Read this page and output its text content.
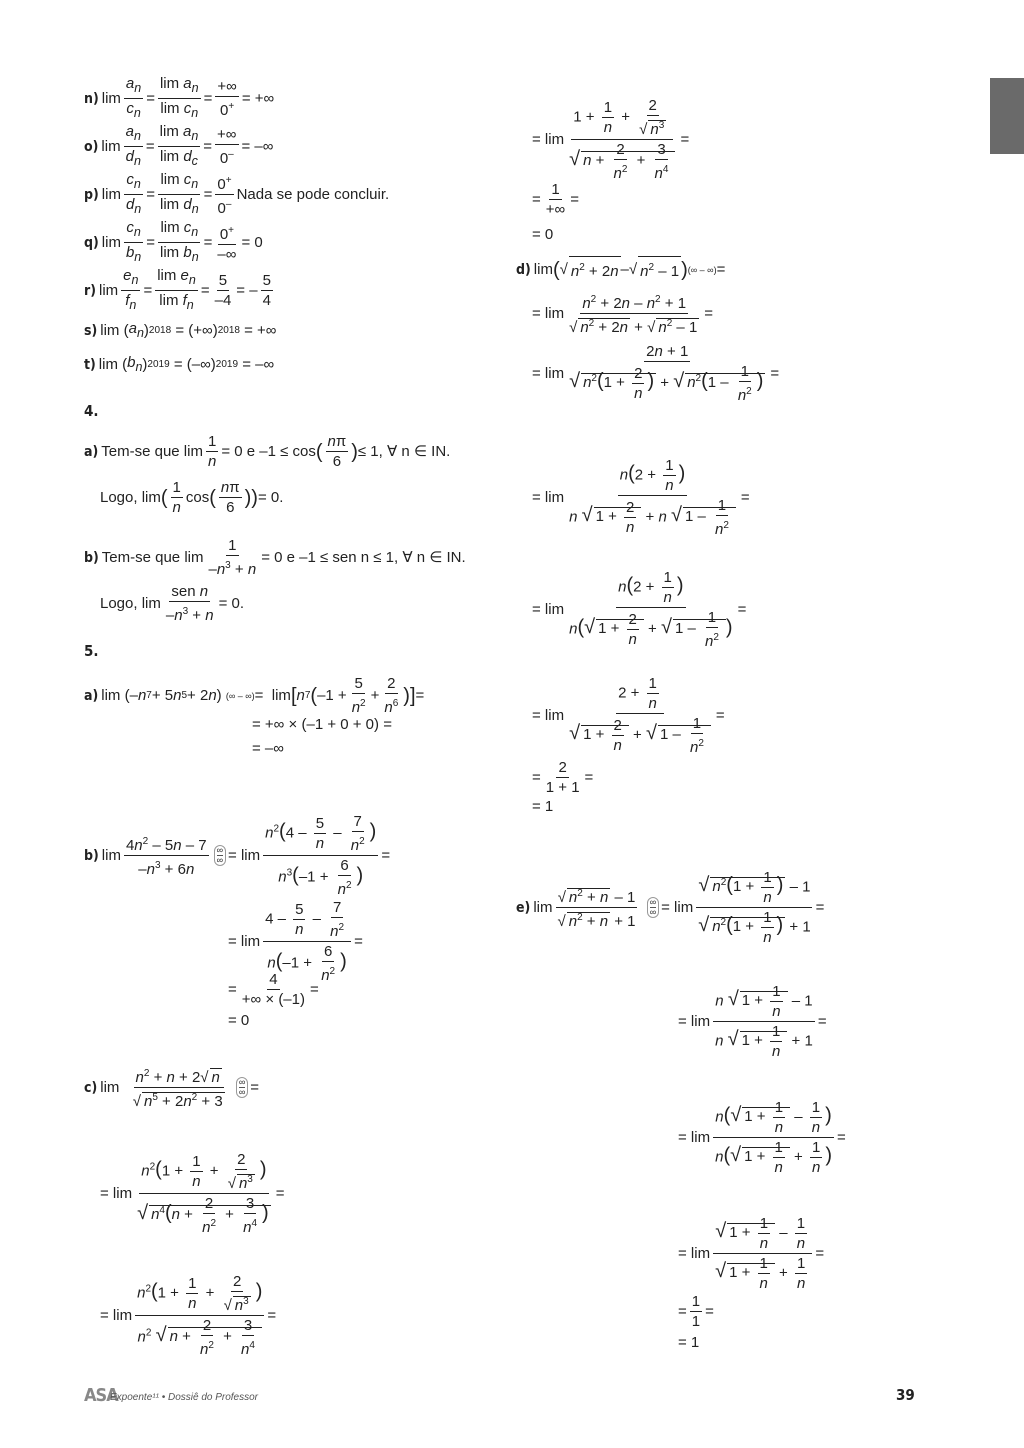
n) $\lim \frac{a_n}{c_n} = \frac{\lim a_n}{\lim c_n} = \frac{+\infty}{0^+}$ = +∞
o) $\lim \frac{a_n}{d_n} = \frac{\lim a_n}{\lim d_c} = \frac{+\infty}{0^-}$ = –∞
p) $\lim \frac{c_n}{d_n} = \frac{\lim c_n}{\lim d_n} = \frac{0^+}{0^-}$ Nada se pode concluir.
q) $\lim \frac{c_n}{b_n} = \frac{\lim c_n}{\lim b_n} = \frac{0^+}{-\infty} = 0$
r) $\lim \frac{e_n}{f_n} = \frac{\lim e_n}{\lim f_n} = \frac{5}{-4}$ = – $\frac{5}{4}$
s) lim ( $a_n$ ) 2018 = (+∞) 2018 = +∞
t) lim ( $b_n$ ) 2019 = (–∞) 2019 = –∞
4.
a) Tem-se que $\lim \frac{1}{n} = 0$ e –1 ≤ cos ( $\frac{n\pi}{6}$ ) ≤ 1, ∀ n ∈ IN.
Logo, lim ( $\frac{1}{n}$ cos ( $\frac{n\pi}{6}$ )) = 0.
b) Tem-se que $\lim \frac{1}{-n^3 + n} = 0$ e –1 ≤ sen n ≤ 1, ∀ n ∈ IN.
Logo, $\lim \frac{\text{sen n}}{-n^3 + n} = 0$.
5.
a) lim (– n 7 + 5 n 5 + 2 n ) (∞ – ∞) =  lim [ n 7 ( $-1 + \frac{5}{n^2} + \frac{2}{n^6}$ )] =
= +∞ × (–1 + 0 + 0) =
= –∞
b) $\lim \frac{4n^2 - 5n - 7}{-n^3 + 6n}$ ∞
∞ = $\lim \frac{n^2(4 - \frac{5}{n} - \frac{7}{n^2} )}{n^3(-1 + \frac{6}{n^2} )}$ =
= $\lim \frac{4 - \frac{5}{n} - \frac{7}{n^2}}{n(-1 + \frac{6}{n^2} )}$ =
= $\frac{4}{+\infty \times (-1)}$ =
= 0
c) $\lim n^2 + n + 2√$ n
√ $n^5 + 2n^2 + 3$
∞
∞ =
= $\lim n^2(1 + \frac{1}{n} + 2$
√ $n^3$ )
√ $n^4(n + \frac{2}{n^2} + \frac{3}{n^4}$ ) =
= $\lim n^2(1 + \frac{1}{n} + 2$
√ $n^3$ )
$n^2$ √ $n + \frac{2}{n^2} + \frac{3}{n^4}$ =
= $\lim 1 + \frac{1}{n} + 2$
√ $n^3$
√ $n + \frac{2}{n^2} + \frac{3}{n^4}$ =
= $\frac{1}{+\infty}$ =
= 0
d) lim (
√ $n^2 + 2n$ –
√ $n^2 - 1$ ) (∞ – ∞) =
= $\lim n^2 + 2n - n^2 + 1$
√ $n^2 + 2n$ + √ $n^2 - 1$ =
= lim 2n + 1
√ $n^2(1 + \frac{2}{n}$ ) + √ $n^2(1 - \frac{1}{n^2}$ ) =
= $\lim \frac{n(2 + \frac{1}{n} )}{n √ 1 + \frac{2}{n} + n √ 1 - \frac{1}{n^2}}$ =
= $\lim \frac{n(2 + \frac{1}{n} )}{n(√ 1 + \frac{2}{n} + √ 1 - \frac{1}{n^2} )}$ =
= $\lim 2 + \frac{1}{n}$
√ $1 + \frac{2}{n}$ + √ $1 - \frac{1}{n^2}$ =
= $\frac{2}{1 + 1}$ =
= 1
e) lim
√ $n^2 + n - 1$
√ $n^2 + n + 1$
∞
∞ = lim
√ $n^2(1 + \frac{1}{n}$ ) – 1
√ $n^2(1 + \frac{1}{n}$ ) + 1 =
= $\lim \frac{n √ 1 + \frac{1}{n} - 1}{n √ 1 + \frac{1}{n} + 1}$ =
= $\lim \frac{n(√ 1 + \frac{1}{n} - \frac{1}{n} )}{n(√ 1 + \frac{1}{n} + \frac{1}{n} )}$ =
= lim
√ $1 + \frac{1}{n} - \frac{1}{n}$
√ $1 + \frac{1}{n} + \frac{1}{n}$ =
= $\frac{1}{1}$ =
= 1
ASA
Expoente¹¹ • Dossiê do Professor	39
